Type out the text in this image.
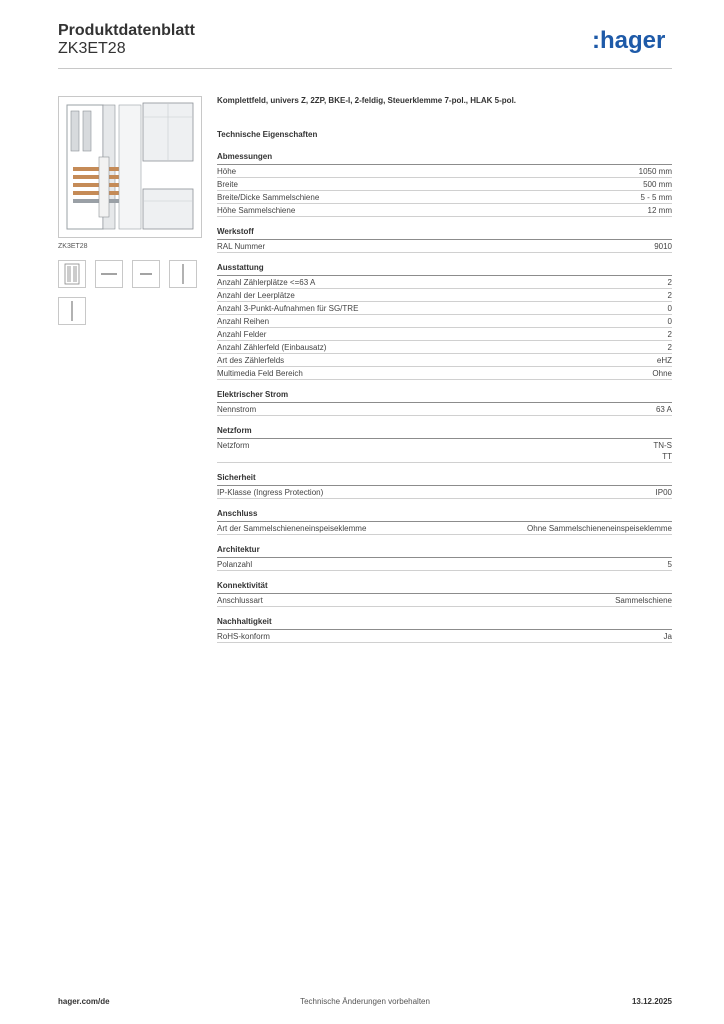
Produktdatenblatt
ZK3ET28	:hager
ZK3ET28
Komplettfeld, univers Z, 2ZP, BKE-I, 2-feldig, Steuerklemme 7-pol., HLAK 5-pol.
Technische Eigenschaften
Abmessungen
Höhe	1050 mm
Breite	500 mm
Breite/Dicke Sammelschiene	5 - 5 mm
Höhe Sammelschiene	12 mm
Werkstoff
RAL Nummer	9010
Ausstattung
Anzahl Zählerplätze <=63 A	2
Anzahl der Leerplätze	2
Anzahl 3-Punkt-Aufnahmen für SG/TRE	0
Anzahl Reihen	0
Anzahl Felder	2
Anzahl Zählerfeld (Einbausatz)	2
Art des Zählerfelds	eHZ
Multimedia Feld Bereich	Ohne
Elektrischer Strom
Nennstrom	63 A
Netzform
Netzform	TN-S
TT
Sicherheit
IP-Klasse (Ingress Protection)	IP00
Anschluss
Art der Sammelschieneneinspeiseklemme	Ohne Sammelschieneneinspeiseklemme
Architektur
Polanzahl	5
Konnektivität
Anschlussart	Sammelschiene
Nachhaltigkeit
RoHS-konform	Ja
Technische Änderungen vorbehalten
hager.com/de	13.12.2025
